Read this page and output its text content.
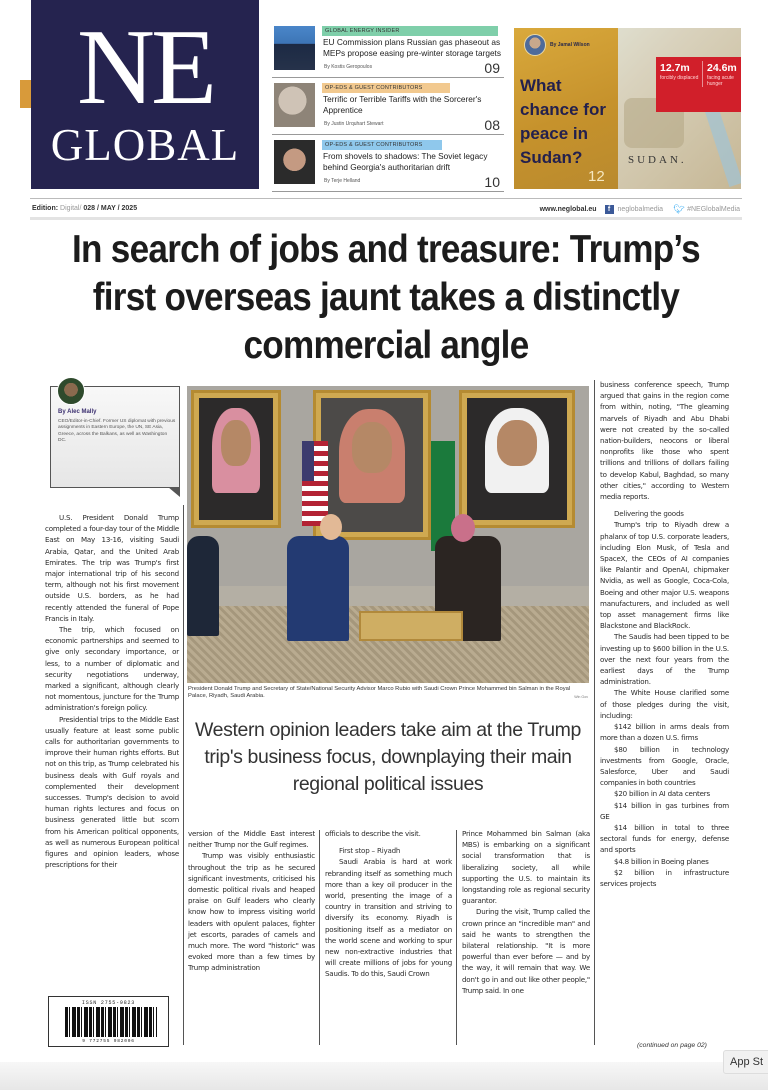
NE
GLOBAL
GLOBAL ENERGY INSIDER
EU Commission plans Russian gas phaseout as MEPs propose easing pre-winter storage targets
By Kostis Geropoulos	09
OP-EDS & GUEST CONTRIBUTORS
Terrific or Terrible Tariffs with the Sorcerer's Apprentice
By Justin Urquhart Stewart	08
OP-EDS & GUEST CONTRIBUTORS
From shovels to shadows: The Soviet legacy behind Georgia's authoritarian drift
By Terje Helland	10
By Jamal Wilson
What chance for peace in Sudan?
12
SUDAN.
12.7m
forcibly displaced
24.6m
facing acute hunger
Edition: Digital/ 028 / MAY / 2025	www.neglobal.eu	f	neglobalmedia 🐦︎ #NEGlobalMedia
In search of jobs and treasure: Trump’s first overseas jaunt takes a distinctly commercial angle
By Alec Mally
CEO/Editor-in-Chief. Former US diplomat with previous assignments in Eastern Europe, the UN, SE Asia, Greece, across the Balkans, as well as Washington DC.

U.S. President Donald Trump completed a four-day tour of the Middle East on May 13-16, visiting Saudi Arabia, Qatar, and the United Arab Emirates. The trip was Trump's first major international trip of his second term, although not his first movement outside U.S. borders, as he had recently attended the funeral of Pope Francis in Italy.

The trip, which focused on economic partnerships and seemed to give only secondary importance, or less, to a number of diplomatic and security negotiations underway, marked a significant, although clearly not momentous, juncture for the Trump administration's foreign policy.

Presidential trips to the Middle East usually feature at least some public calls for authoritarian governments to improve their human rights efforts. But not on this trip, as Trump celebrated his business deals with Gulf royals and complemented their development successes. Trump's decision to avoid human rights lectures and focus on business generated little but scorn from his American political opponents, as well as numerous European political figures and opinion leaders, whose prescriptions for their

ISSN 2755-9823
9 772755 982006
President Donald Trump and Secretary of State/National Security Advisor Marco Rubio with Saudi Crown Prince Mohammed bin Salman in the Royal Palace, Riyadh, Saudi Arabia.	Win Gov
Western opinion leaders take aim at the Trump trip's business focus, downplaying their main regional political issues

version of the Middle East interest neither Trump nor the Gulf regimes.

Trump was visibly enthusiastic throughout the trip as he secured significant investments, criticised his domestic political rivals and heaped praise on Gulf leaders who clearly know how to impress visiting world leaders with opulent palaces, fighter jet escorts, parades of camels and much more. The word "historic" was evoked more than a few times by Trump administration

officials to describe the visit.

First stop – Riyadh

Saudi Arabia is hard at work rebranding itself as something much more than a key oil producer in the world, presenting the image of a country in transition and striving to diversify its economy. Riyadh is positioning itself as a mediator on the world scene and working to spur new non-extractive industries that will create millions of jobs for young Saudis. To do this, Saudi Crown

Prince Mohammed bin Salman (aka MBS) is embarking on a significant social transformation that is liberalizing society, all while supporting the U.S. to maintain its longstanding role as regional security guarantor.

During the visit, Trump called the crown prince an "incredible man" and said he wants to strengthen the bilateral relationship. "It is more powerful than ever before — and by the way, it will remain that way. We don't go in and out like other people," Trump said. In one

business conference speech, Trump argued that gains in the region come from within, noting, "The gleaming marvels of Riyadh and Abu Dhabi were not created by the so-called nation-builders, neocons or liberal nonprofits like those who spent trillions and trillions of dollars failing to develop Kabul, Baghdad, so many other cities," according to Western media reports.

Delivering the goods

Trump's trip to Riyadh drew a phalanx of top U.S. corporate leaders, including Elon Musk, of Tesla and SpaceX, the CEOs of AI companies like Palantir and OpenAI, chipmaker Nvidia, as well as Google, Coca-Cola, Boeing and other major U.S. weapons manufacturers, and included as well top asset management firms like Blackstone and BlackRock.

The Saudis had been tipped to be investing up to $600 billion in the U.S. over the next four years from the earliest days of the Trump administration.

The White House clarified some of those pledges during the visit, including:

$142 billion in arms deals from more than a dozen U.S. firms

$80 billion in technology investments from Google, Oracle, Salesforce, Uber and Saudi companies in both countries

$20 billion in AI data centers

$14 billion in gas turbines from GE

$14 billion in total to three sectoral funds for energy, defense and sports

$4.8 billion in Boeing planes

$2 billion in infrastructure services projects

(continued on page 02)
App St
